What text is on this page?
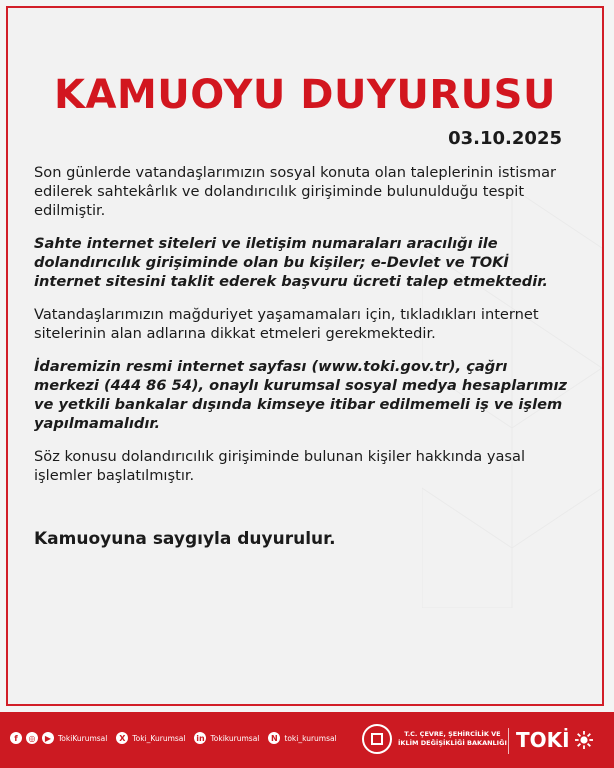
KAMUOYU DUYURUSU
03.10.2025

Son günlerde vatandaşlarımızın sosyal konuta olan taleplerinin istismar edilerek sahtekârlık ve dolandırıcılık girişiminde bulunulduğu tespit edilmiştir.

Sahte internet siteleri ve iletişim numaraları aracılığı ile dolandırıcılık girişiminde olan bu kişiler; e-Devlet ve TOKİ internet sitesini taklit ederek başvuru ücreti talep etmektedir.

Vatandaşlarımızın mağduriyet yaşamamaları için, tıkladıkları internet sitelerinin alan adlarına dikkat etmeleri gerekmektedir.

İdaremizin resmi internet sayfası (www.toki.gov.tr), çağrı merkezi (444 86 54), onaylı kurumsal sosyal medya hesaplarımız ve yetkili bankalar dışında kimseye itibar edilmemeli iş ve işlem yapılmamalıdır.

Söz konusu dolandırıcılık girişiminde bulunan kişiler hakkında yasal işlemler başlatılmıştır.

Kamuoyuna saygıyla duyurulur.
f	◎	▶ TokiKurumsal	X Toki_Kurumsal in Tokikurumsal	N toki_kurumsal	T.C. ÇEVRE, ŞEHİRCİLİK VE
İKLİM DEĞİŞİKLİĞİ BAKANLIĞI TOKİ
